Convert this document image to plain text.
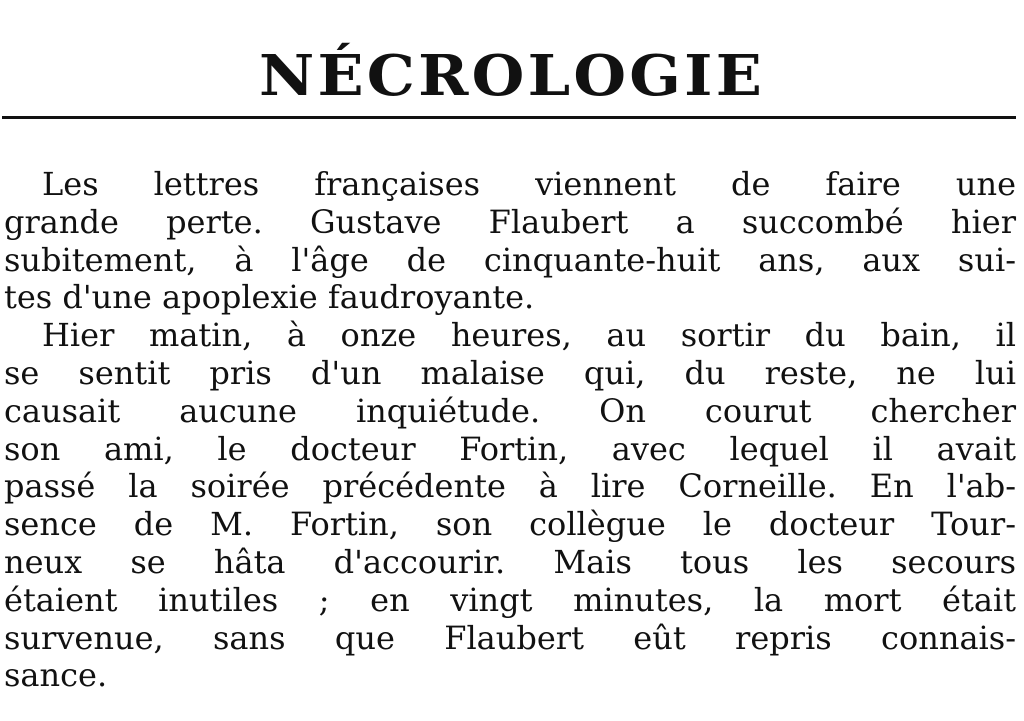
NÉCROLOGIE
Les lettres françaises viennent de faire une
grande perte. Gustave Flaubert a succombé hier
subitement, à l'âge de cinquante-huit ans, aux sui-
tes d'une apoplexie faudroyante.
Hier matin, à onze heures, au sortir du bain, il
se sentit pris d'un malaise qui, du reste, ne lui
causait aucune inquiétude. On courut chercher
son ami, le docteur Fortin, avec lequel il avait
passé la soirée précédente à lire Corneille. En l'ab-
sence de M. Fortin, son collègue le docteur Tour-
neux se hâta d'accourir. Mais tous les secours
étaient inutiles ; en vingt minutes, la mort était
survenue, sans que Flaubert eût repris connais-
sance.
